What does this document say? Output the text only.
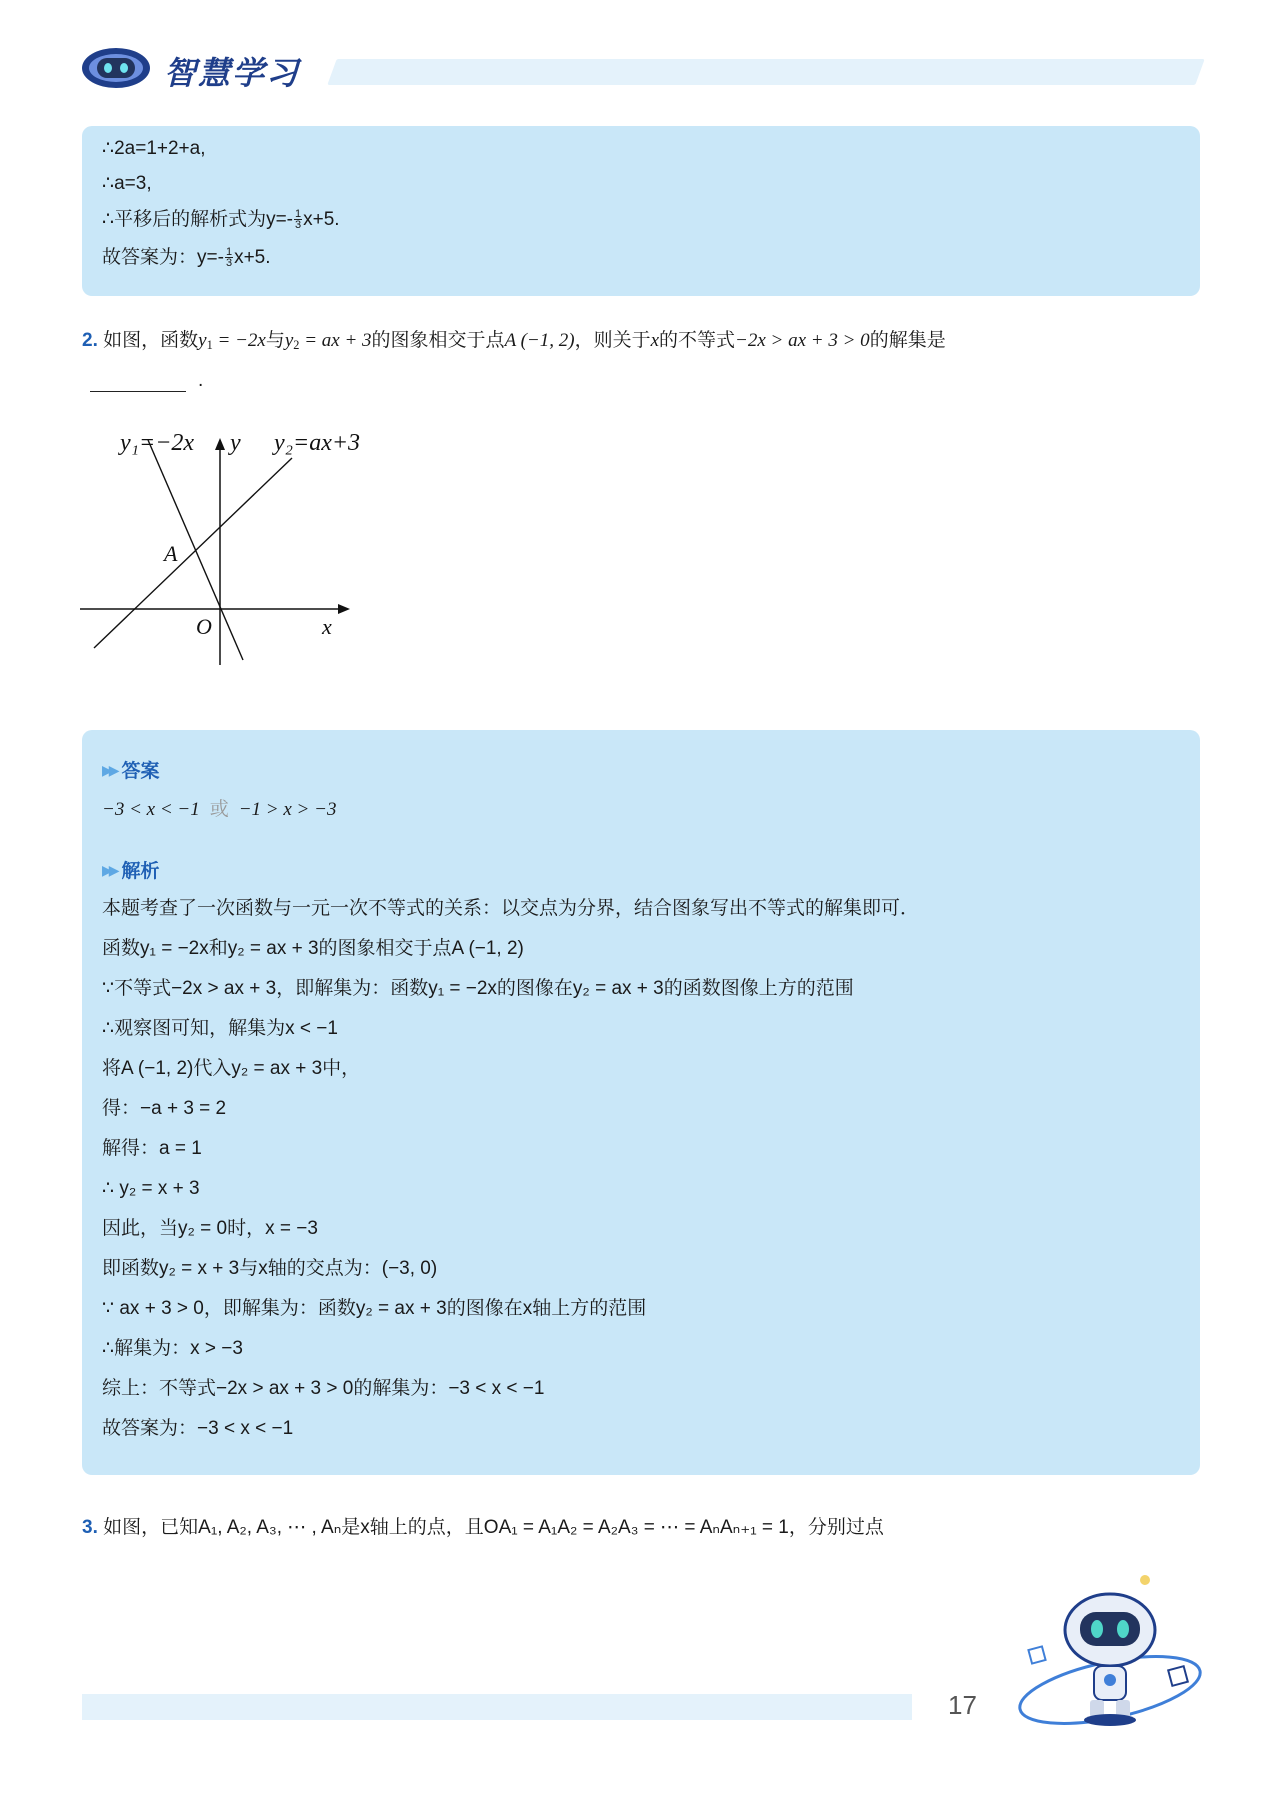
智慧学习
∴2a=1+2+a,
∴a=3,
∴平移后的解析式为$y=- \frac{1}{3} x+5$.
故答案为：$y=- \frac{1}{3} x+5$.
2. 如图，函数$y_1 = -2x$与$y_2$ = ax + 3的图象相交于点A (−1, 2)，则关于x的不等式−2x > ax + 3 > 0的解集是
.
y₁=−2x y y₂=ax+3
A
O	x
▶▶ 答案
−3 < x < −1 或 −1 > x > −3
▶▶ 解析
本题考查了一次函数与一元一次不等式的关系：以交点为分界，结合图象写出不等式的解集即可．
函数y₁ = −2x和y₂ = ax + 3的图象相交于点A (−1, 2)
∵不等式−2x > ax + 3，即解集为：函数y₁ = −2x的图像在y₂ = ax + 3的函数图像上方的范围
∴观察图可知，解集为x < −1
将A (−1, 2)代入y₂ = ax + 3中，
得：−a + 3 = 2
解得：a = 1
∴ y₂ = x + 3
因此，当y₂ = 0时，x = −3
即函数y₂ = x + 3与x轴的交点为：(−3, 0)
∵ ax + 3 > 0，即解集为：函数y₂ = ax + 3的图像在x轴上方的范围
∴解集为：x > −3
综上：不等式−2x > ax + 3 > 0的解集为：−3 < x < −1
故答案为：−3 < x < −1
3. 如图，已知A₁, A₂, A₃, ⋯ , Aₙ是x轴上的点，且OA₁ = A₁A₂ = A₂A₃ = ⋯ = AₙAₙ₊₁ = 1，分别过点
17
